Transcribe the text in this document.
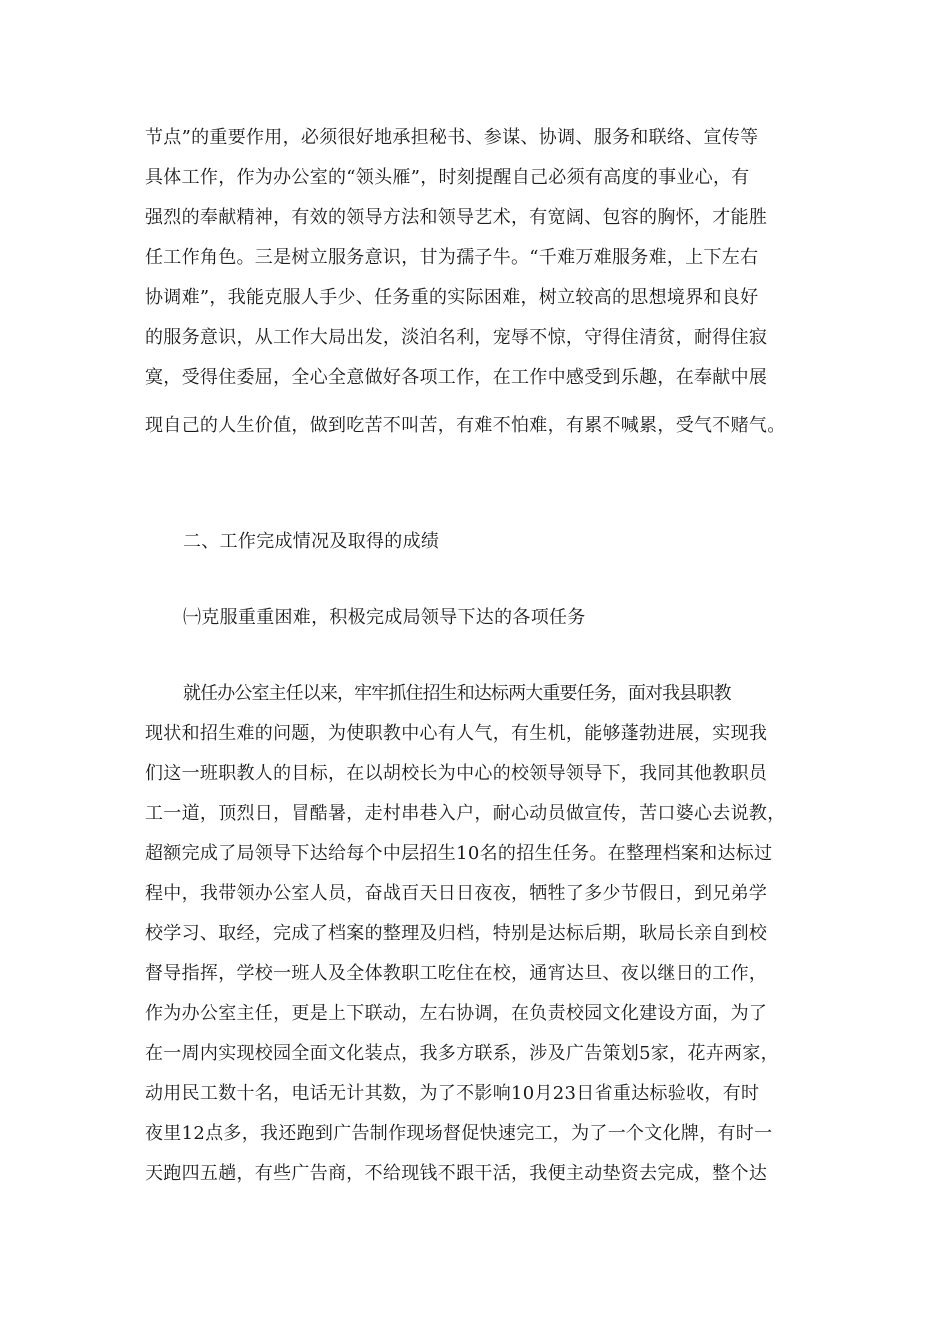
节点”的重要作用，必须很好地承担秘书、参谋、协调、服务和联络、宣传等
具体工作，作为办公室的“领头雁”，时刻提醒自己必须有高度的事业心，有
强烈的奉献精神，有效的领导方法和领导艺术，有宽阔、包容的胸怀，才能胜
任工作角色。三是树立服务意识，甘为孺子牛。“千难万难服务难，上下左右
协调难”，我能克服人手少、任务重的实际困难，树立较高的思想境界和良好
的服务意识，从工作大局出发，淡泊名利，宠辱不惊，守得住清贫，耐得住寂
寞，受得住委屈，全心全意做好各项工作，在工作中感受到乐趣，在奉献中展
现自己的人生价值，做到吃苦不叫苦，有难不怕难，有累不喊累，受气不赌气。
二、工作完成情况及取得的成绩
㈠克服重重困难，积极完成局领导下达的各项任务
就任办公室主任以来，牢牢抓住招生和达标两大重要任务，面对我县职教
现状和招生难的问题，为使职教中心有人气，有生机，能够蓬勃进展，实现我
们这一班职教人的目标，在以胡校长为中心的校领导领导下，我同其他教职员
工一道，顶烈日，冒酷暑，走村串巷入户，耐心动员做宣传，苦口婆心去说教，
超额完成了局领导下达给每个中层招生10名的招生任务。在整理档案和达标过
程中，我带领办公室人员，奋战百天日日夜夜，牺牲了多少节假日，到兄弟学
校学习、取经，完成了档案的整理及归档，特别是达标后期，耿局长亲自到校
督导指挥，学校一班人及全体教职工吃住在校，通宵达旦、夜以继日的工作，
作为办公室主任，更是上下联动，左右协调，在负责校园文化建设方面，为了
在一周内实现校园全面文化装点，我多方联系，涉及广告策划5家，花卉两家，
动用民工数十名，电话无计其数，为了不影响10月23日省重达标验收，有时
夜里12点多，我还跑到广告制作现场督促快速完工，为了一个文化牌，有时一
天跑四五趟，有些广告商，不给现钱不跟干活，我便主动垫资去完成，整个达
